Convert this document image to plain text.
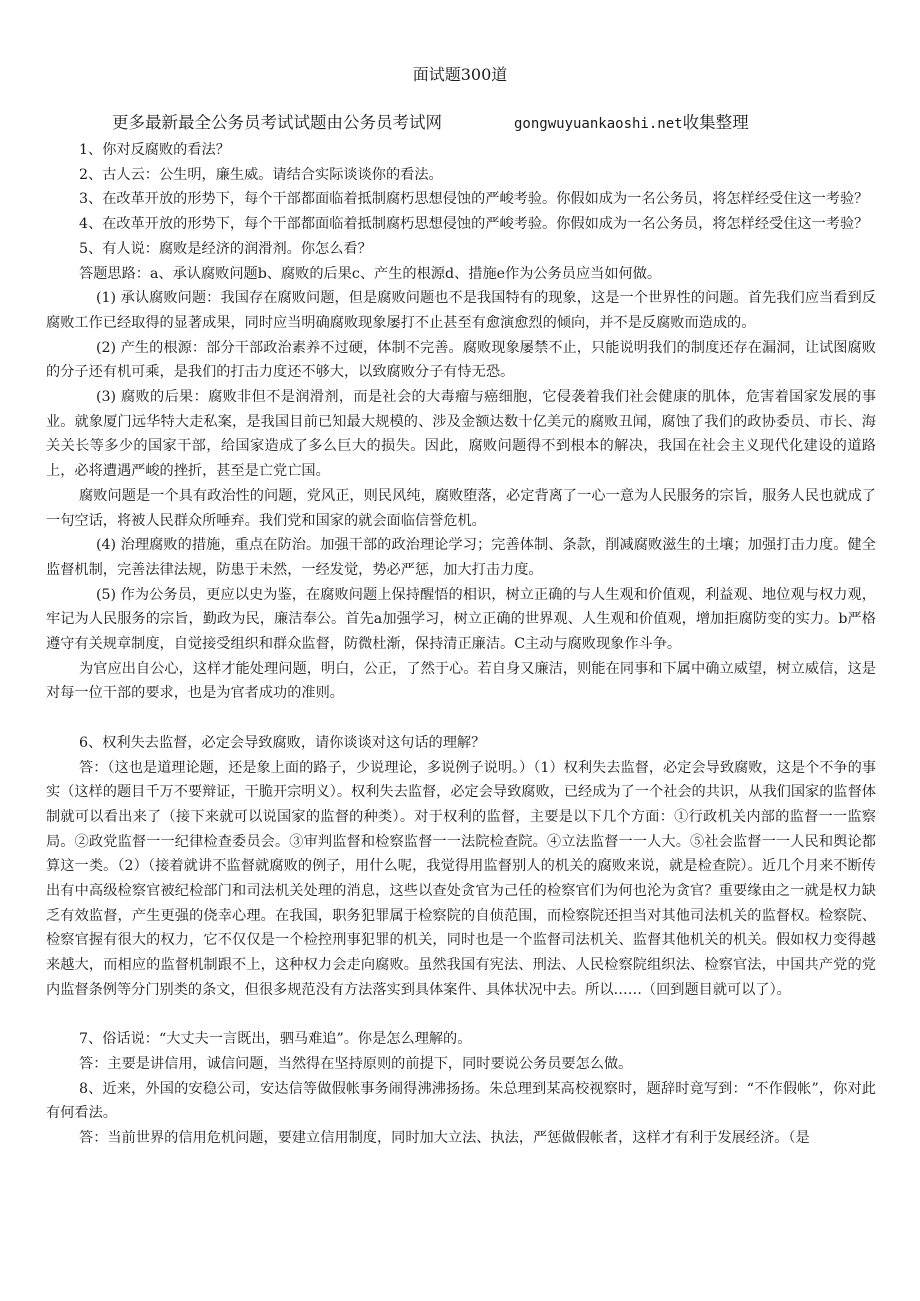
面试题300道
更多最新最全公务员考试试题由公务员考试网	gongwuyuankaoshi.net收集整理

1、你对反腐败的看法？

2、古人云：公生明，廉生威。请结合实际谈谈你的看法。

3、在改革开放的形势下，每个干部都面临着抵制腐朽思想侵蚀的严峻考验。你假如成为一名公务员，将怎样经受住这一考验？

4、在改革开放的形势下，每个干部都面临着抵制腐朽思想侵蚀的严峻考验。你假如成为一名公务员，将怎样经受住这一考验？

5、有人说：腐败是经济的润滑剂。你怎么看？

答题思路：a、承认腐败问题b、腐败的后果c、产生的根源d、措施e作为公务员应当如何做。

(1) 承认腐败问题：我国存在腐败问题，但是腐败问题也不是我国特有的现象，这是一个世界性的问题。首先我们应当看到反腐败工作已经取得的显著成果，同时应当明确腐败现象屡打不止甚至有愈演愈烈的倾向，并不是反腐败而造成的。

(2) 产生的根源：部分干部政治素养不过硬，体制不完善。腐败现象屡禁不止，只能说明我们的制度还存在漏洞，让试图腐败的分子还有机可乘，是我们的打击力度还不够大，以致腐败分子有恃无恐。

(3) 腐败的后果：腐败非但不是润滑剂，而是社会的大毒瘤与癌细胞，它侵袭着我们社会健康的肌体，危害着国家发展的事业。就象厦门远华特大走私案，是我国目前已知最大规模的、涉及金额达数十亿美元的腐败丑闻，腐蚀了我们的政协委员、市长、海关关长等多少的国家干部，给国家造成了多么巨大的损失。因此，腐败问题得不到根本的解决，我国在社会主义现代化建设的道路上，必将遭遇严峻的挫折，甚至是亡党亡国。

腐败问题是一个具有政治性的问题，党风正，则民风纯，腐败堕落，必定背离了一心一意为人民服务的宗旨，服务人民也就成了一句空话，将被人民群众所唾弃。我们党和国家的就会面临信誉危机。

(4) 治理腐败的措施，重点在防治。加强干部的政治理论学习；完善体制、条款，削减腐败滋生的土壤；加强打击力度。健全监督机制，完善法律法规，防患于未然，一经发觉，势必严惩，加大打击力度。

(5) 作为公务员，更应以史为鉴，在腐败问题上保持醒悟的相识，树立正确的与人生观和价值观，利益观、地位观与权力观，牢记为人民服务的宗旨，勤政为民，廉洁奉公。首先a加强学习，树立正确的世界观、人生观和价值观，增加拒腐防变的实力。b严格遵守有关规章制度，自觉接受组织和群众监督，防微杜渐，保持清正廉洁。C主动与腐败现象作斗争。

为官应出自公心，这样才能处理问题，明白，公正，了然于心。若自身又廉洁，则能在同事和下属中确立威望，树立威信，这是对每一位干部的要求，也是为官者成功的准则。

6、权利失去监督，必定会导致腐败，请你谈谈对这句话的理解？

答：（这也是道理论题，还是象上面的路子，少说理论，多说例子说明。）（1）权利失去监督，必定会导致腐败，这是个不争的事实（这样的题目千万不要辩证，干脆开宗明义）。权利失去监督，必定会导致腐败，已经成为了一个社会的共识，从我们国家的监督体制就可以看出来了（接下来就可以说国家的监督的种类）。对于权利的监督，主要是以下几个方面：①行政机关内部的监督一一监察局。②政党监督一一纪律检查委员会。③审判监督和检察监督一一法院检查院。④立法监督一一人大。⑤社会监督一一人民和舆论都算这一类。（2）（接着就讲不监督就腐败的例子，用什么呢，我觉得用监督别人的机关的腐败来说，就是检查院）。近几个月来不断传出有中高级检察官被纪检部门和司法机关处理的消息，这些以查处贪官为己任的检察官们为何也沦为贪官？重要缘由之一就是权力缺乏有效监督，产生更强的侥幸心理。在我国，职务犯罪属于检察院的自侦范围，而检察院还担当对其他司法机关的监督权。检察院、检察官握有很大的权力，它不仅仅是一个检控刑事犯罪的机关，同时也是一个监督司法机关、监督其他机关的机关。假如权力变得越来越大，而相应的监督机制跟不上，这种权力会走向腐败。虽然我国有宪法、刑法、人民检察院组织法、检察官法，中国共产党的党内监督条例等分门别类的条文，但很多规范没有方法落实到具体案件、具体状况中去。所以……（回到题目就可以了）。

7、俗话说：“大丈夫一言既出，驷马难追”。你是怎么理解的。

答：主要是讲信用，诚信问题，当然得在坚持原则的前提下，同时要说公务员要怎么做。

8、近来，外国的安稳公司，安达信等做假帐事务闹得沸沸扬扬。朱总理到某高校视察时，题辞时竟写到：“不作假帐”，你对此有何看法。

答：当前世界的信用危机问题，要建立信用制度，同时加大立法、执法，严惩做假帐者，这样才有利于发展经济。（是
